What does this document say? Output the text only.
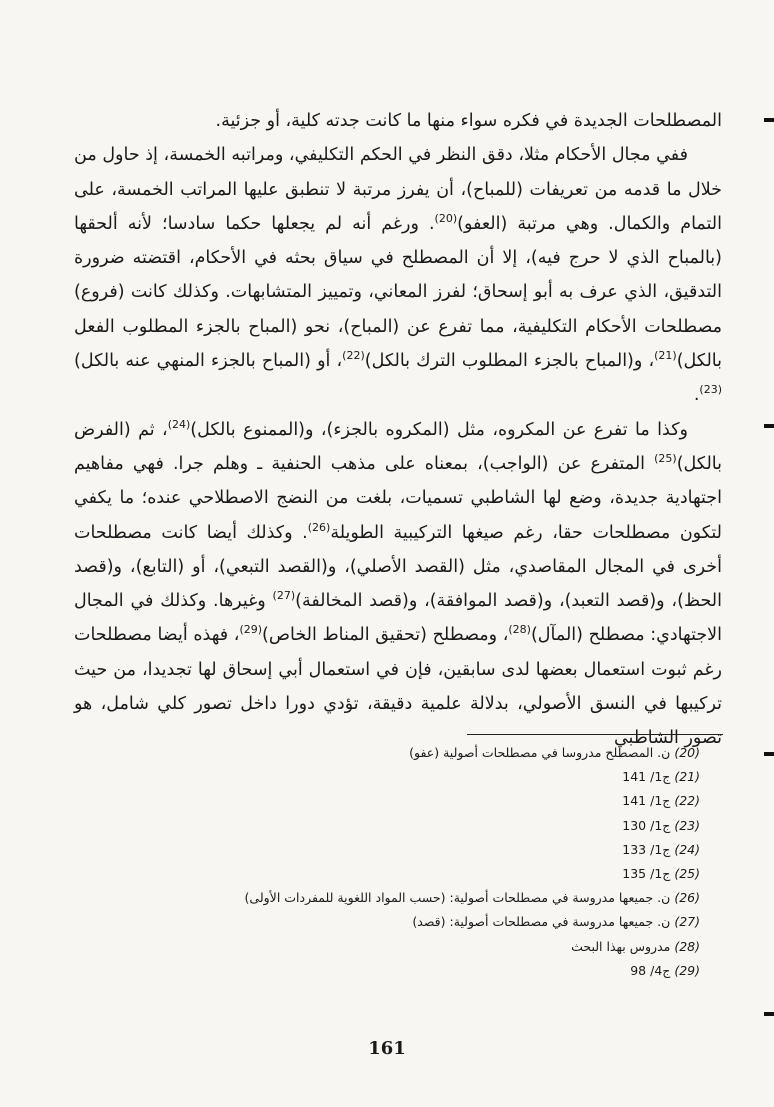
المصطلحات الجديدة في فكره سواء منها ما كانت جدته كلية، أو جزئية.

ففي مجال الأحكام مثلا، دقق النظر في الحكم التكليفي، ومراتبه الخمسة، إذ حاول من خلال ما قدمه من تعريفات (للمباح)، أن يفرز مرتبة لا تنطبق عليها المراتب الخمسة، على التمام والكمال. وهي مرتبة (العفو)$^{(20)}$. ورغم أنه لم يجعلها حكما سادسا؛ لأنه ألحقها (بالمباح الذي لا حرج فيه)، إلا أن المصطلح في سياق بحثه في الأحكام، اقتضته ضرورة التدقيق، الذي عرف به أبو إسحاق؛ لفرز المعاني، وتمييز المتشابهات. وكذلك كانت (فروع) مصطلحات الأحكام التكليفية، مما تفرع عن (المباح)، نحو (المباح بالجزء المطلوب الفعل بالكل)$^{(21)}$، و(المباح بالجزء المطلوب الترك بالكل)$^{(22)}$، أو (المباح بالجزء المنهي عنه بالكل)$^{(23)}$.

وكذا ما تفرع عن المكروه، مثل (المكروه بالجزء)، و(الممنوع بالكل)$^{(24)}$، ثم (الفرض بالكل)$^{(25)}$ المتفرع عن (الواجب)، بمعناه على مذهب الحنفية ـ وهلم جرا. فهي مفاهيم اجتهادية جديدة، وضع لها الشاطبي تسميات، بلغت من النضج الاصطلاحي عنده؛ ما يكفي لتكون مصطلحات حقا، رغم صيغها التركيبية الطويلة$^{(26)}$. وكذلك أيضا كانت مصطلحات أخرى في المجال المقاصدي، مثل (القصد الأصلي)، و(القصد التبعي)، أو (التابع)، و(قصد الحظ)، و(قصد التعبد)، و(قصد الموافقة)، و(قصد المخالفة)$^{(27)}$ وغيرها. وكذلك في المجال الاجتهادي: مصطلح (المآل)$^{(28)}$، ومصطلح (تحقيق المناط الخاص)$^{(29)}$، فهذه أيضا مصطلحات رغم ثبوت استعمال بعضها لدى سابقين، فإن في استعمال أبي إسحاق لها تجديدا، من حيث تركيبها في النسق الأصولي، بدلالة علمية دقيقة، تؤدي دورا داخل تصور كلي شامل، هو تصور الشاطبي

(20) ن. المصطلح مدروسا في مصطلحات أصولية (عفو)
(21) ج1/ 141
(22) ج1/ 141
(23) ج1/ 130
(24) ج1/ 133
(25) ج1/ 135
(26) ن. جميعها مدروسة في مصطلحات أصولية: (حسب المواد اللغوية للمفردات الأولى)
(27) ن. جميعها مدروسة في مصطلحات أصولية: (قصد)
(28) مدروس بهذا البحث
(29) ج4/ 98
161
